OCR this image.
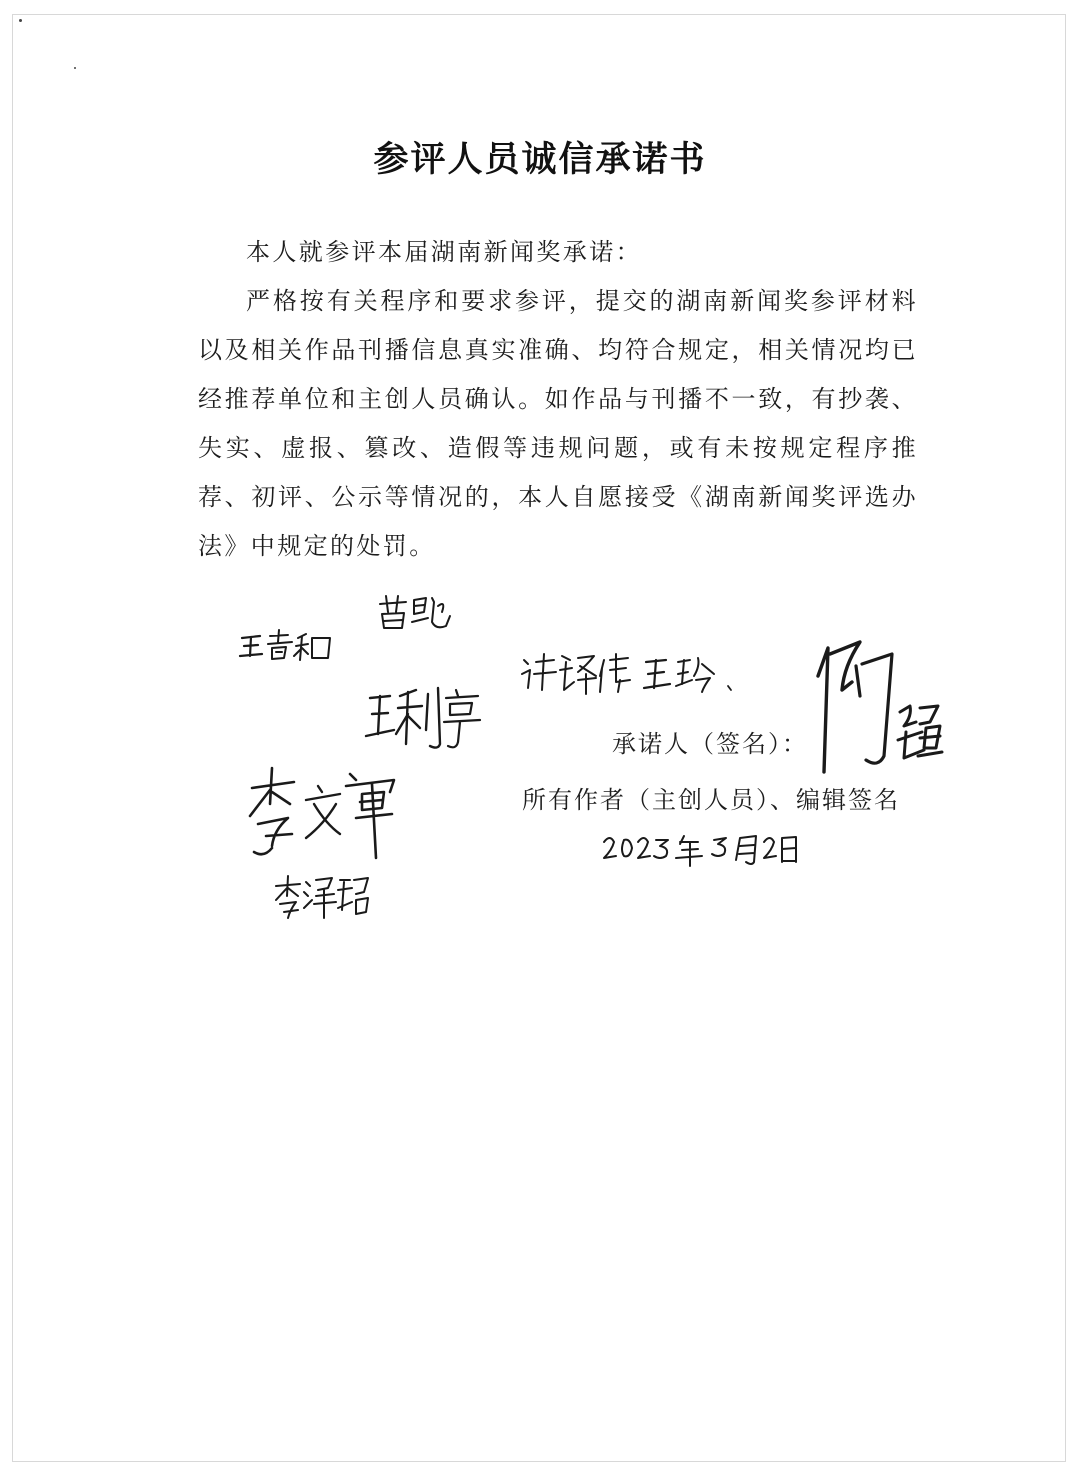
参评人员诚信承诺书

本人就参评本届湖南新闻奖承诺：

严格按有关程序和要求参评，提交的湖南新闻奖参评材料以及相关作品刊播信息真实准确、均符合规定，相关情况均已经推荐单位和主创人员确认。如作品与刊播不一致，有抄袭、失实、虚报、篡改、造假等违规问题，或有未按规定程序推荐、初评、公示等情况的，本人自愿接受《湖南新闻奖评选办法》中规定的处罚。

承诺人（签名）：
所有作者（主创人员）、编辑签名
